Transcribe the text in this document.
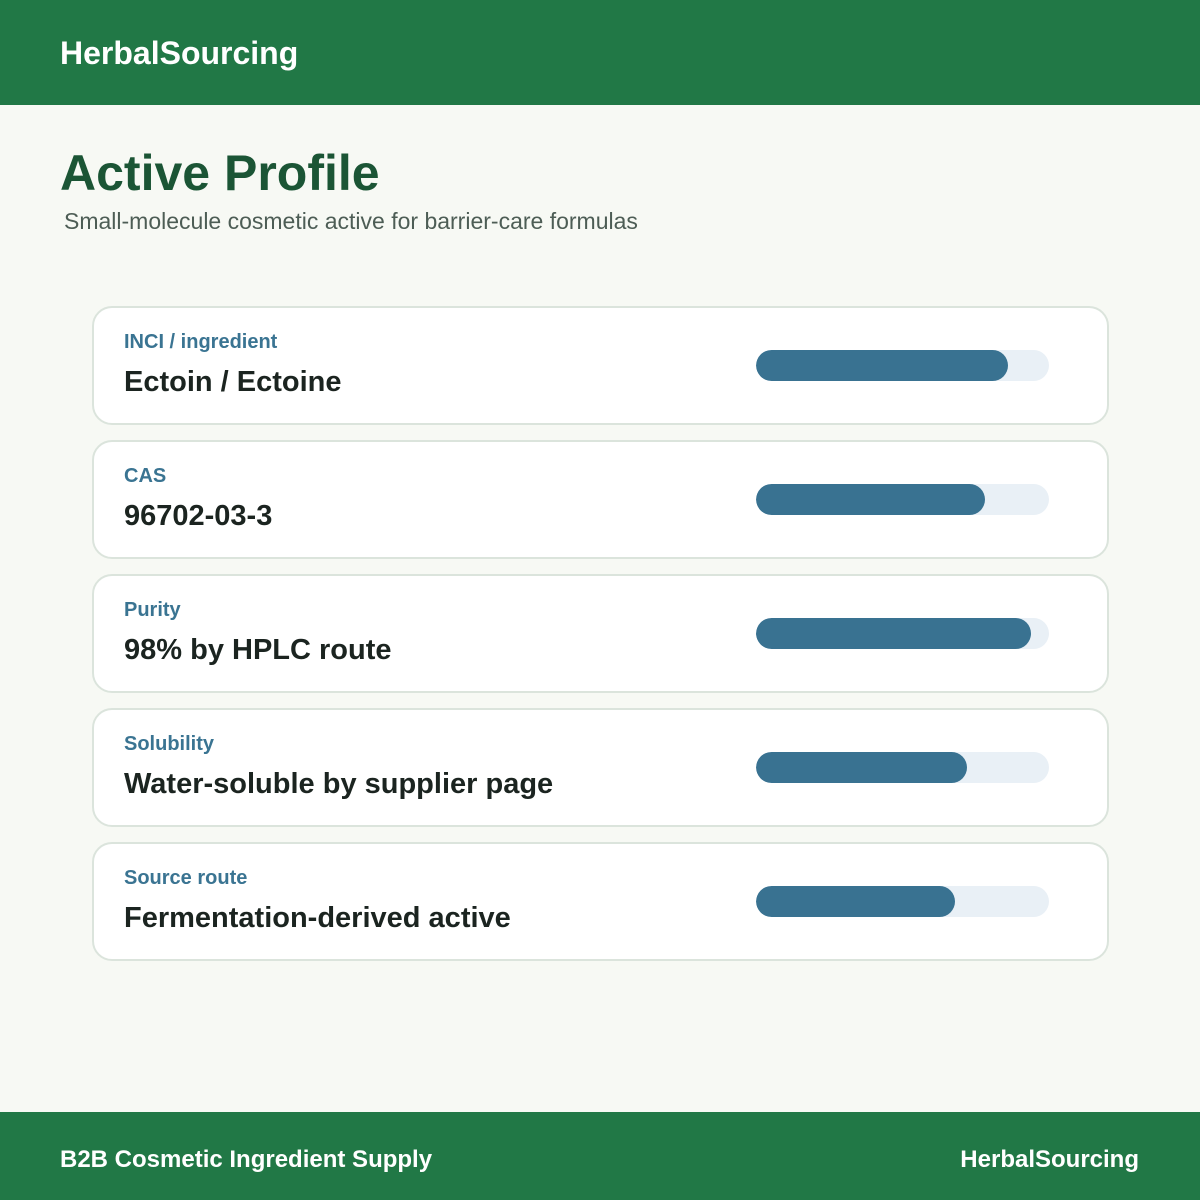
HerbalSourcing
Active Profile

Small-molecule cosmetic active for barrier-care formulas

INCI / ingredient
Ectoin / Ectoine
CAS
96702-03-3
Purity
98% by HPLC route
Solubility
Water-soluble by supplier page
Source route
Fermentation-derived active
B2B Cosmetic Ingredient Supply	HerbalSourcing
